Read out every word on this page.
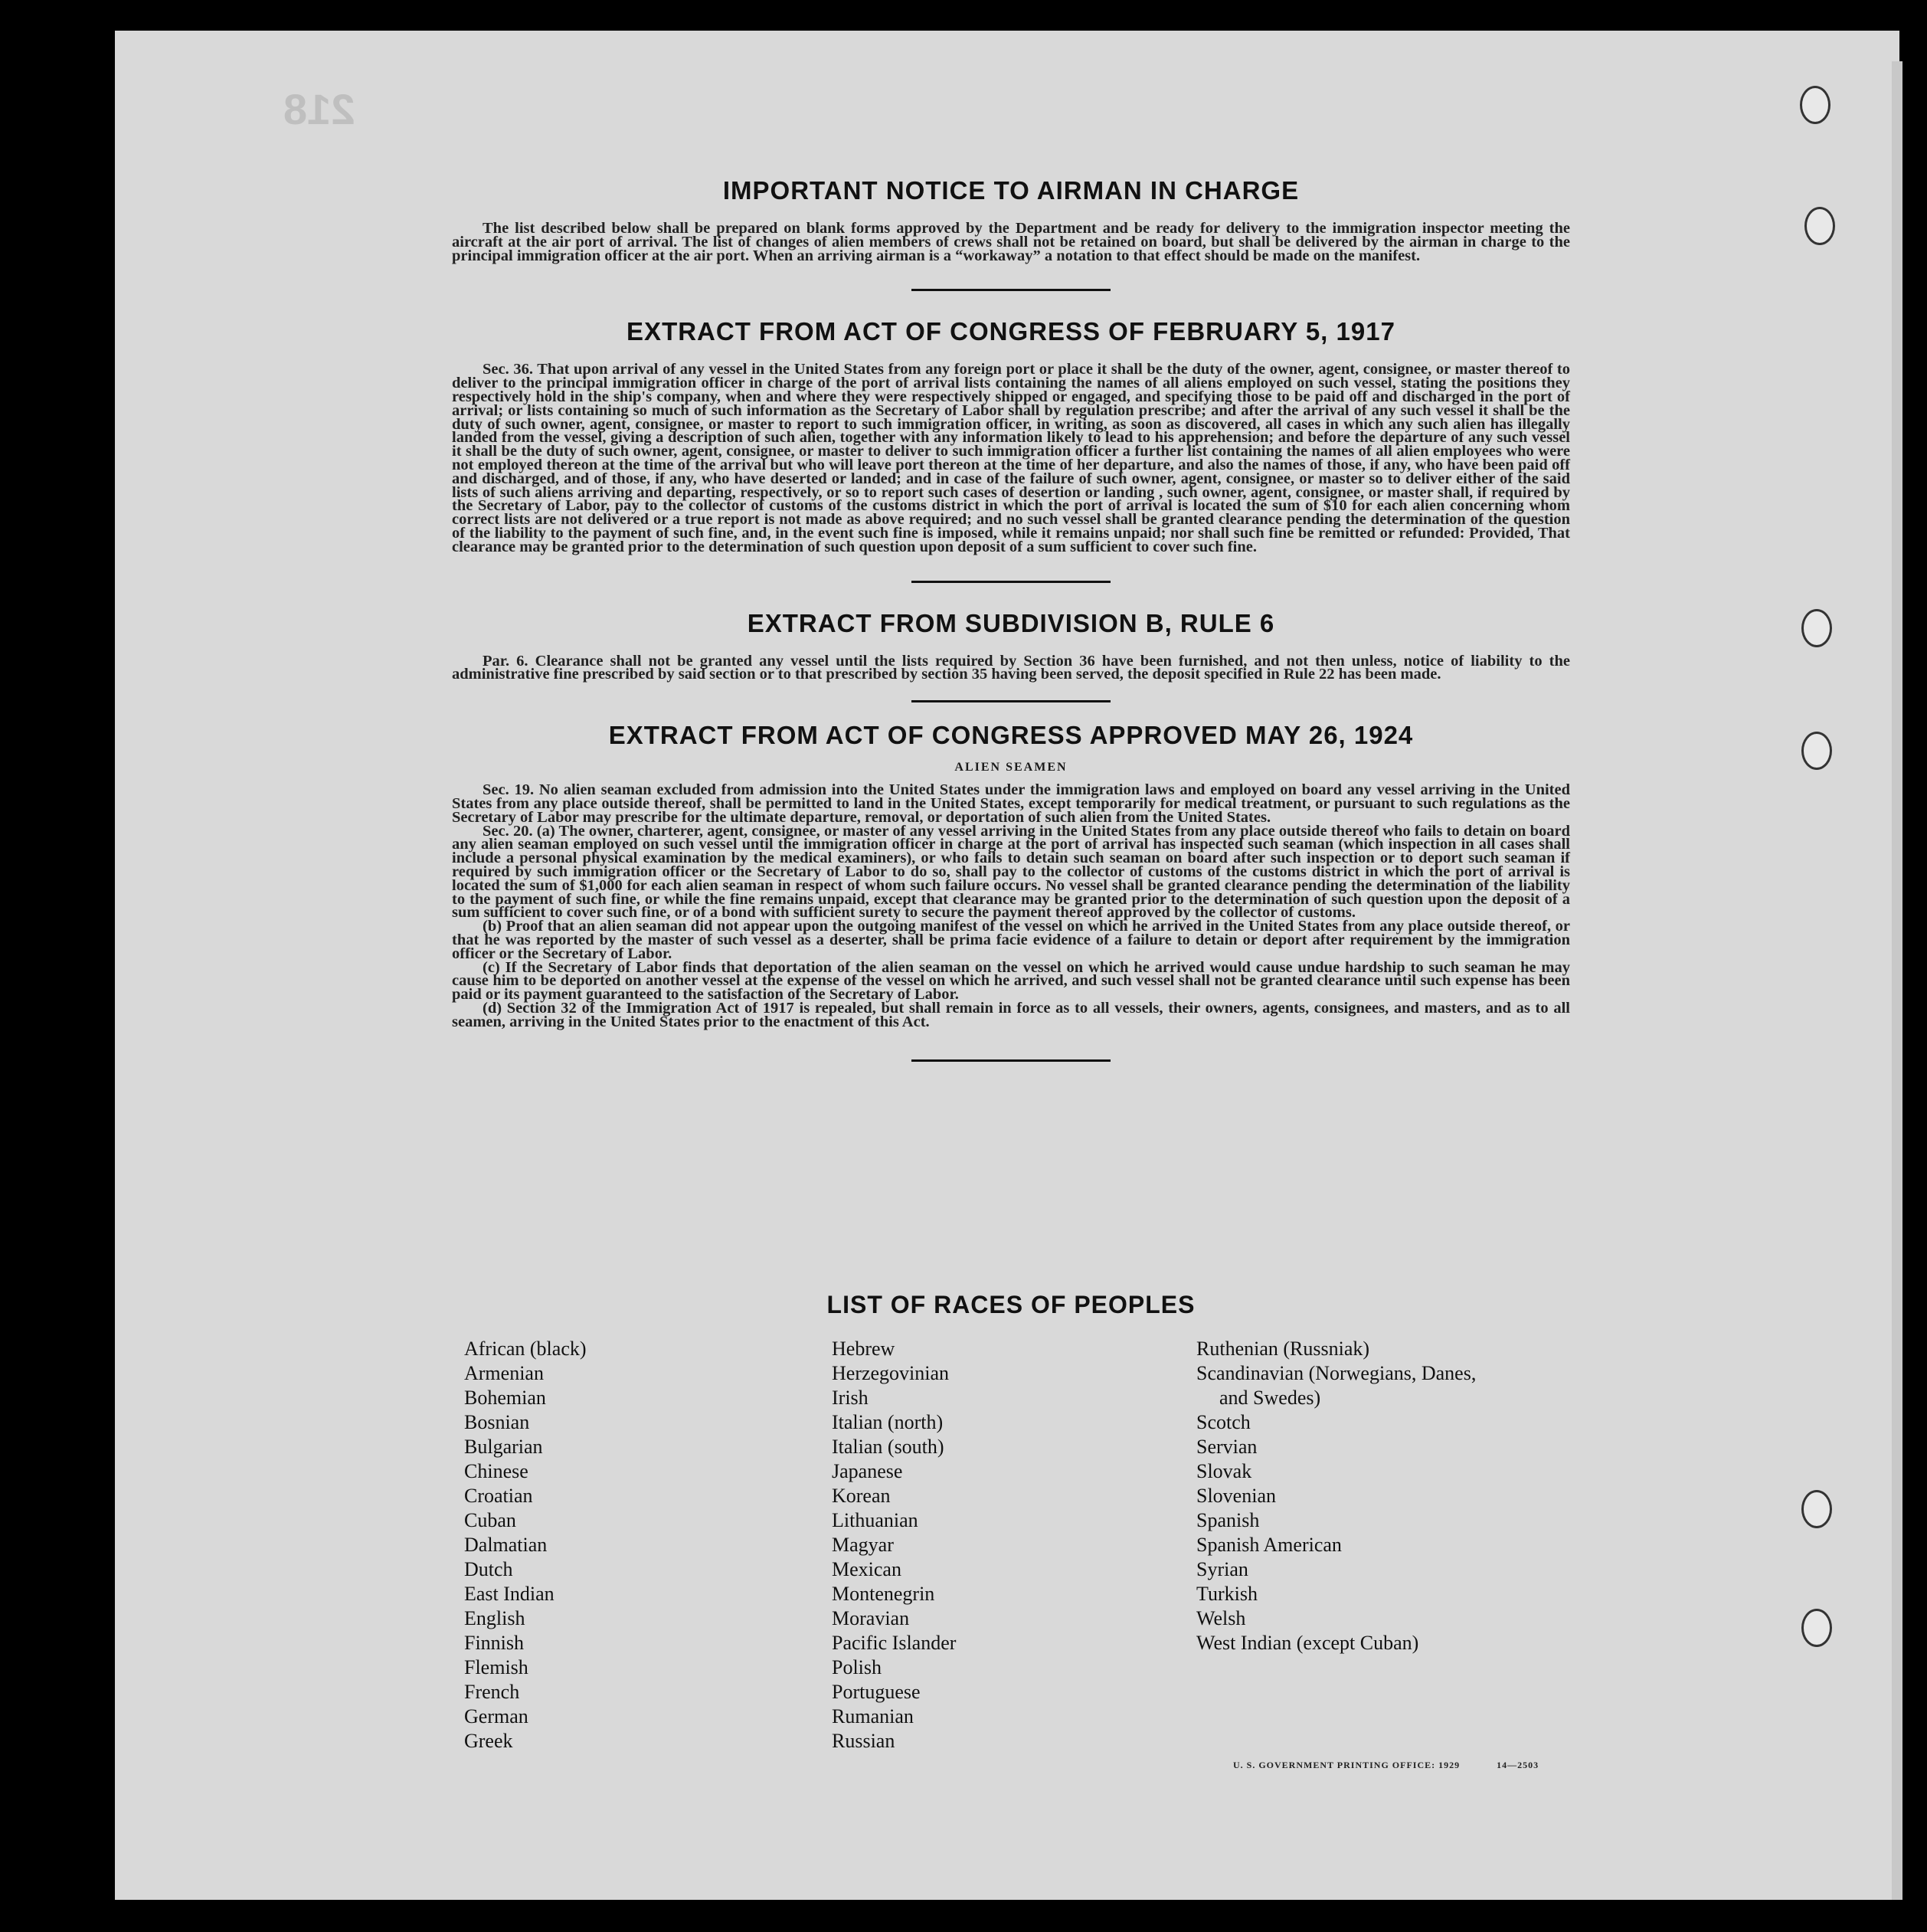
218
IMPORTANT NOTICE TO AIRMAN IN CHARGE

The list described below shall be prepared on blank forms approved by the Department and be ready for delivery to the immigration inspector meeting the aircraft at the air port of arrival. The list of changes of alien members of crews shall not be retained on board, but shall be delivered by the airman in charge to the principal immigration officer at the air port. When an arriving airman is a “workaway” a notation to that effect should be made on the manifest.

EXTRACT FROM ACT OF CONGRESS OF FEBRUARY 5, 1917

Sec. 36. That upon arrival of any vessel in the United States from any foreign port or place it shall be the duty of the owner, agent, consignee, or master thereof to deliver to the principal immigration officer in charge of the port of arrival lists containing the names of all aliens employed on such vessel, stating the positions they respectively hold in the ship's company, when and where they were respectively shipped or engaged, and specifying those to be paid off and discharged in the port of arrival; or lists containing so much of such information as the Secretary of Labor shall by regulation prescribe; and after the arrival of any such vessel it shall be the duty of such owner, agent, consignee, or master to report to such immigration officer, in writing, as soon as discovered, all cases in which any such alien has illegally landed from the vessel, giving a description of such alien, together with any information likely to lead to his apprehension; and before the departure of any such vessel it shall be the duty of such owner, agent, consignee, or master to deliver to such immigration officer a further list containing the names of all alien employees who were not employed thereon at the time of the arrival but who will leave port thereon at the time of her departure, and also the names of those, if any, who have been paid off and discharged, and of those, if any, who have deserted or landed; and in case of the failure of such owner, agent, consignee, or master so to deliver either of the said lists of such aliens arriving and departing, respectively, or so to report such cases of desertion or landing , such owner, agent, consignee, or master shall, if required by the Secretary of Labor, pay to the collector of customs of the customs district in which the port of arrival is located the sum of $10 for each alien concerning whom correct lists are not delivered or a true report is not made as above required; and no such vessel shall be granted clearance pending the determination of the question of the liability to the payment of such fine, and, in the event such fine is imposed, while it remains unpaid; nor shall such fine be remitted or refunded: Provided, That clearance may be granted prior to the determination of such question upon deposit of a sum sufficient to cover such fine.

EXTRACT FROM SUBDIVISION B, RULE 6

Par. 6. Clearance shall not be granted any vessel until the lists required by Section 36 have been furnished, and not then unless, notice of liability to the administrative fine prescribed by said section or to that prescribed by section 35 having been served, the deposit specified in Rule 22 has been made.

EXTRACT FROM ACT OF CONGRESS APPROVED MAY 26, 1924
ALIEN SEAMEN

Sec. 19. No alien seaman excluded from admission into the United States under the immigration laws and employed on board any vessel arriving in the United States from any place outside thereof, shall be permitted to land in the United States, except temporarily for medical treatment, or pursuant to such regulations as the Secretary of Labor may prescribe for the ultimate departure, removal, or deportation of such alien from the United States.

Sec. 20. (a) The owner, charterer, agent, consignee, or master of any vessel arriving in the United States from any place outside thereof who fails to detain on board any alien seaman employed on such vessel until the immigration officer in charge at the port of arrival has inspected such seaman (which inspection in all cases shall include a personal physical examination by the medical examiners), or who fails to detain such seaman on board after such inspection or to deport such seaman if required by such immigration officer or the Secretary of Labor to do so, shall pay to the collector of customs of the customs district in which the port of arrival is located the sum of $1,000 for each alien seaman in respect of whom such failure occurs. No vessel shall be granted clearance pending the determination of the liability to the payment of such fine, or while the fine remains unpaid, except that clearance may be granted prior to the determination of such question upon the deposit of a sum sufficient to cover such fine, or of a bond with sufficient surety to secure the payment thereof approved by the collector of customs.

(b) Proof that an alien seaman did not appear upon the outgoing manifest of the vessel on which he arrived in the United States from any place outside thereof, or that he was reported by the master of such vessel as a deserter, shall be prima facie evidence of a failure to detain or deport after requirement by the immigration officer or the Secretary of Labor.

(c) If the Secretary of Labor finds that deportation of the alien seaman on the vessel on which he arrived would cause undue hardship to such seaman he may cause him to be deported on another vessel at the expense of the vessel on which he arrived, and such vessel shall not be granted clearance until such expense has been paid or its payment guaranteed to the satisfaction of the Secretary of Labor.

(d) Section 32 of the Immigration Act of 1917 is repealed, but shall remain in force as to all vessels, their owners, agents, consignees, and masters, and as to all seamen, arriving in the United States prior to the enactment of this Act.

LIST OF RACES OF PEOPLES
African (black)
Armenian
Bohemian
Bosnian
Bulgarian
Chinese
Croatian
Cuban
Dalmatian
Dutch
East Indian
English
Finnish
Flemish
French
German
Greek
Hebrew
Herzegovinian
Irish
Italian (north)
Italian (south)
Japanese
Korean
Lithuanian
Magyar
Mexican
Montenegrin
Moravian
Pacific Islander
Polish
Portuguese
Rumanian
Russian
Ruthenian (Russniak)
Scandinavian (Norwegians, Danes,
and Swedes)
Scotch
Servian
Slovak
Slovenian
Spanish
Spanish American
Syrian
Turkish
Welsh
West Indian (except Cuban)
U. S. GOVERNMENT PRINTING OFFICE: 1929	14—2503
